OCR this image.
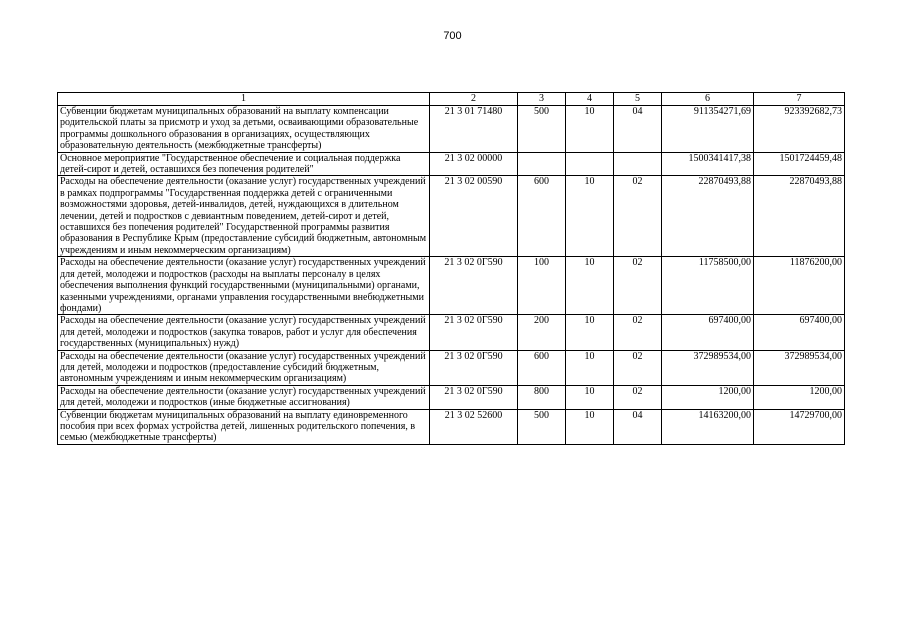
700
1	2	3	4	5	6	7
Субвенции бюджетам муниципальных образований на выплату компенсации родительской платы за присмотр и уход за детьми, осваивающими образовательные программы дошкольного образования в организациях, осуществляющих образовательную деятельность (межбюджетные трансферты)	21 3 01 71480	500	10	04	911354271,69	923392682,73
Основное мероприятие "Государственное обеспечение и социальная поддержка детей-сирот и детей, оставшихся без попечения родителей"	21 3 02 00000				1500341417,38	1501724459,48
Расходы на обеспечение деятельности (оказание услуг) государственных учреждений в рамках подпрограммы "Государственная поддержка детей с ограниченными возможностями здоровья, детей-инвалидов, детей, нуждающихся в длительном лечении, детей и подростков с девиантным поведением, детей-сирот и детей, оставшихся без попечения родителей" Государственной программы развития образования в Республике Крым (предоставление субсидий бюджетным, автономным учреждениям и иным некоммерческим организациям)	21 3 02 00590	600	10	02	22870493,88	22870493,88
Расходы на обеспечение деятельности (оказание услуг) государственных учреждений для детей, молодежи и подростков (расходы на выплаты персоналу в целях обеспечения выполнения функций государственными (муниципальными) органами, казенными учреждениями, органами управления государственными внебюджетными фондами)	21 3 02 0Г590	100	10	02	11758500,00	11876200,00
Расходы на обеспечение деятельности (оказание услуг) государственных учреждений для детей, молодежи и подростков (закупка товаров, работ и услуг для обеспечения государственных (муниципальных) нужд)	21 3 02 0Г590	200	10	02	697400,00	697400,00
Расходы на обеспечение деятельности (оказание услуг) государственных учреждений для детей, молодежи и подростков (предоставление субсидий бюджетным, автономным учреждениям и иным некоммерческим организациям)	21 3 02 0Г590	600	10	02	372989534,00	372989534,00
Расходы на обеспечение деятельности (оказание услуг) государственных учреждений для детей, молодежи и подростков (иные бюджетные ассигнования)	21 3 02 0Г590	800	10	02	1200,00	1200,00
Субвенции бюджетам муниципальных образований на выплату единовременного пособия при всех формах устройства детей, лишенных родительского попечения, в семью (межбюджетные трансферты)	21 3 02 52600	500	10	04	14163200,00	14729700,00
